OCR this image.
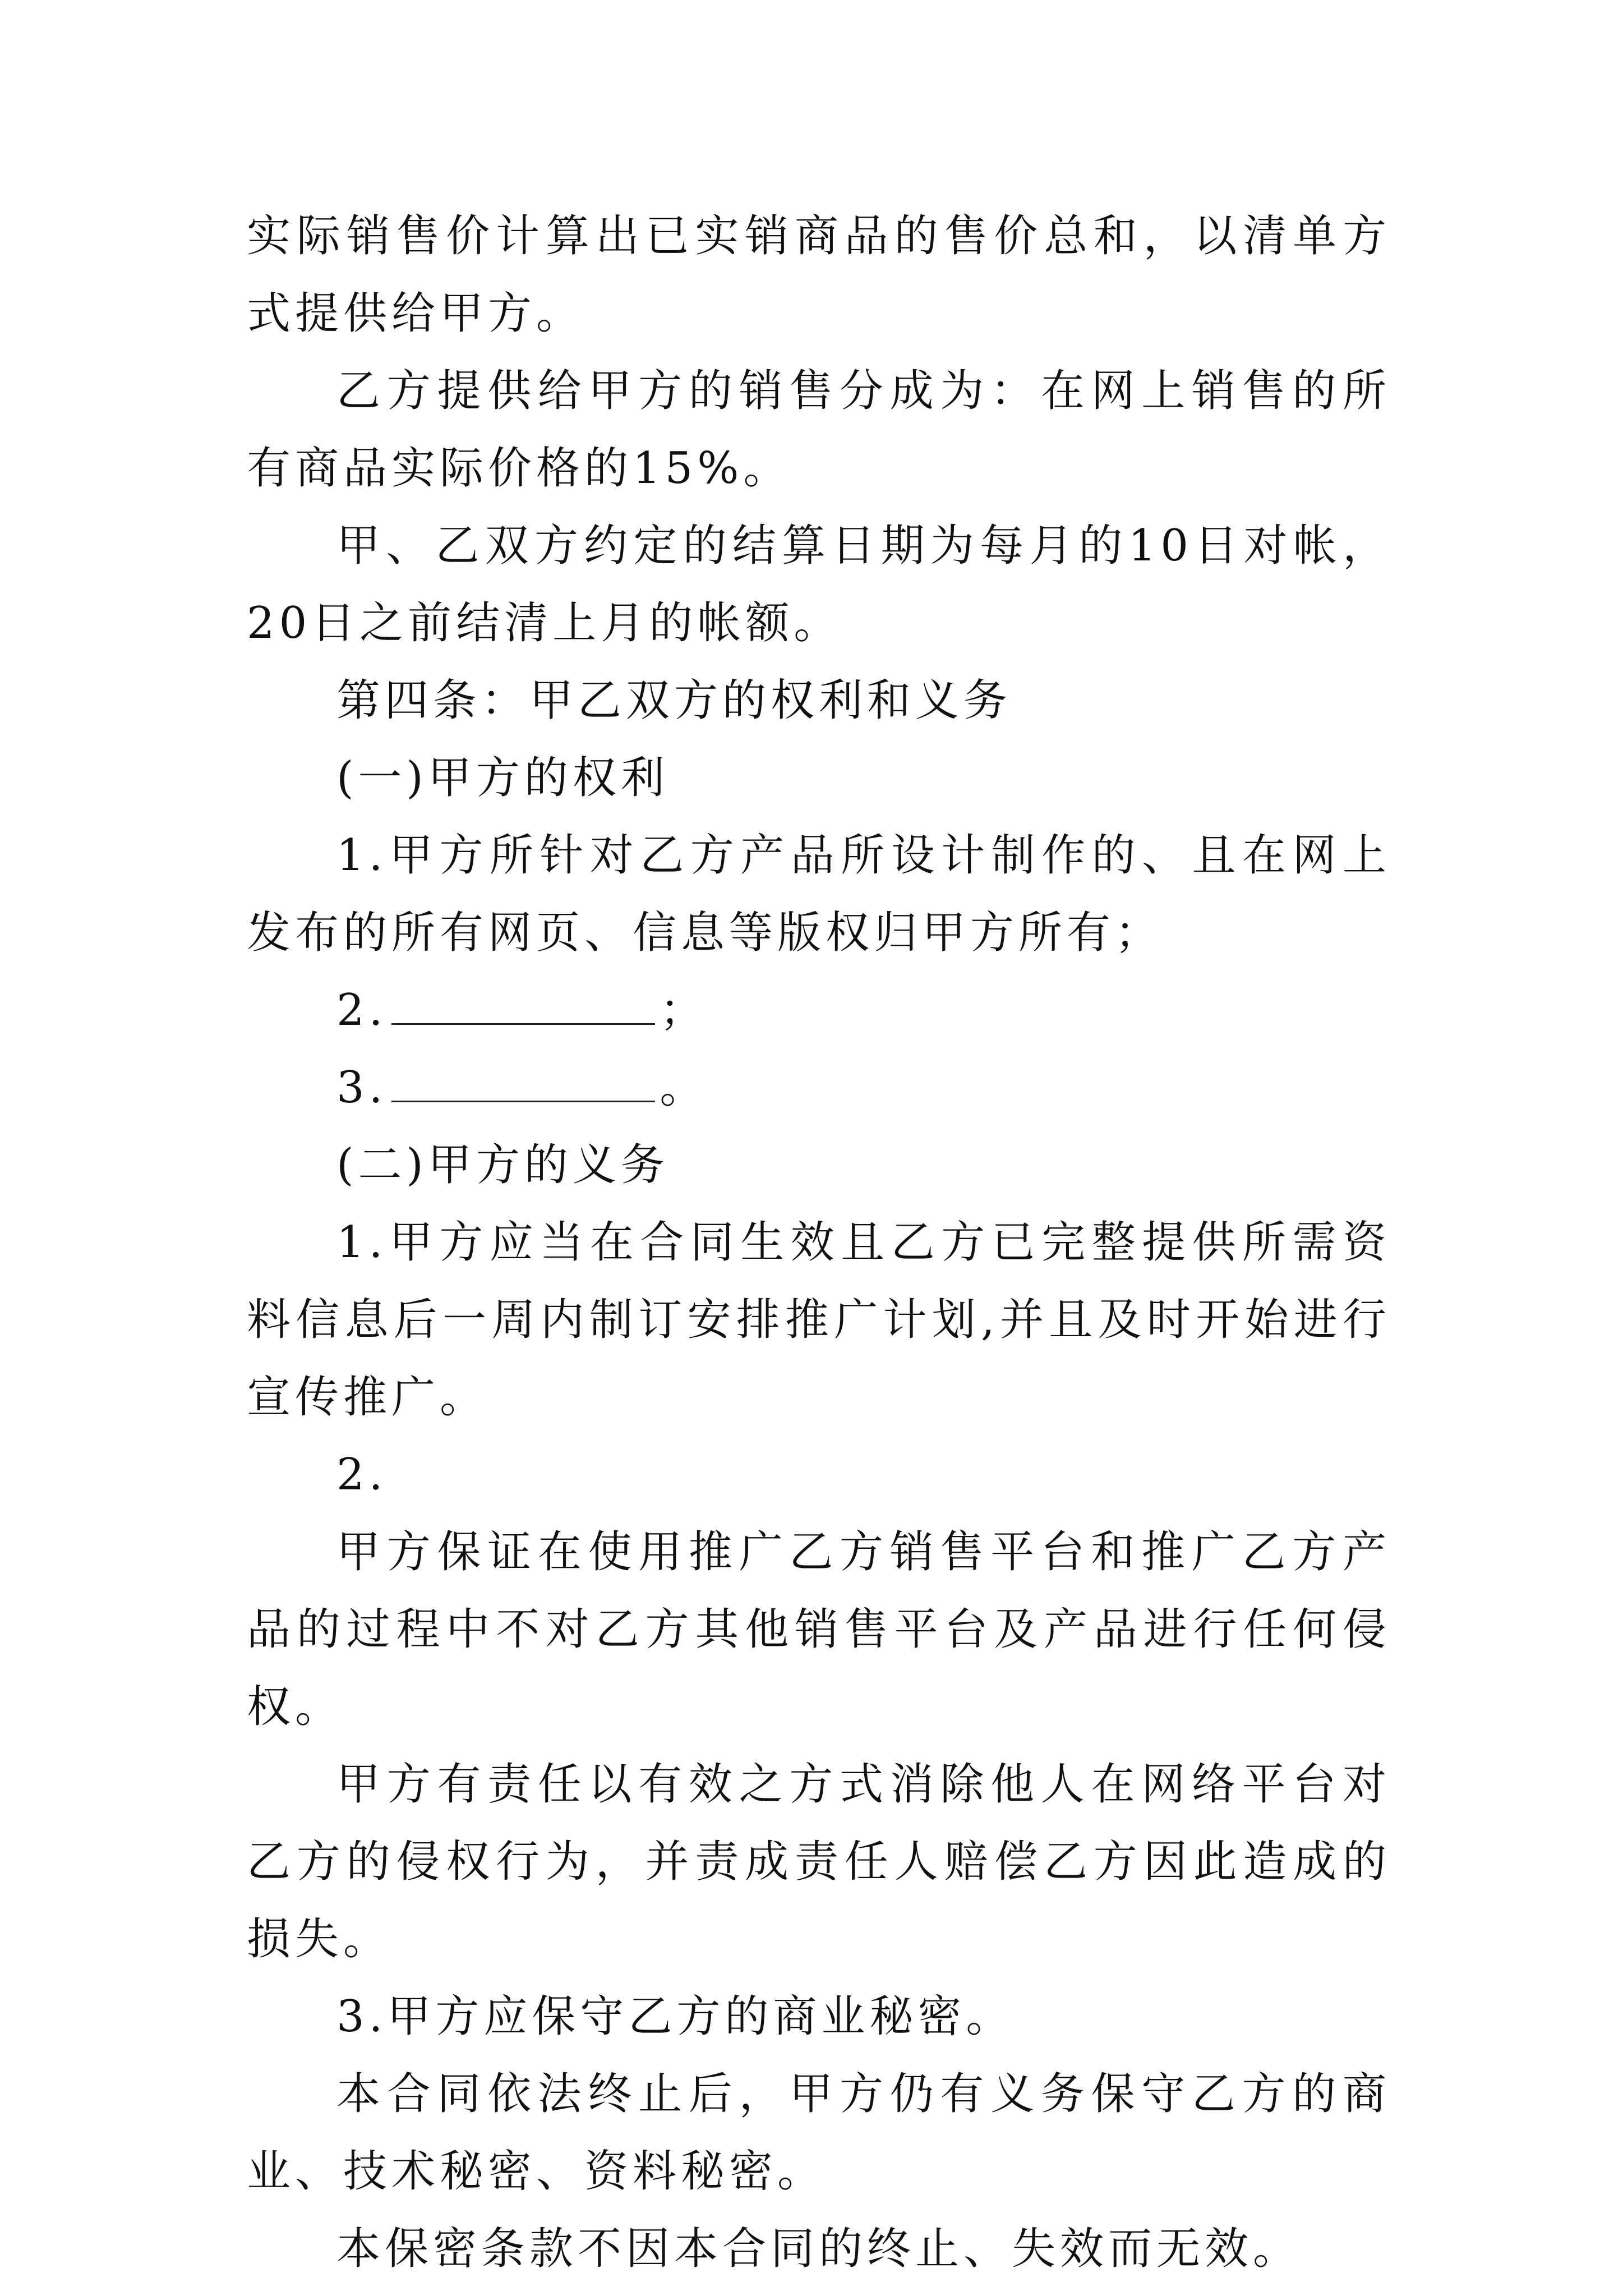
实际销售价计算出已实销商品的售价总和，以清单方式提供给甲方。

乙方提供给甲方的销售分成为：在网上销售的所有商品实际价格的15%。

甲、乙双方约定的结算日期为每月的10日对帐，20日之前结清上月的帐额。

第四条：甲乙双方的权利和义务

(一)甲方的权利

1.甲方所针对乙方产品所设计制作的、且在网上发布的所有网页、信息等版权归甲方所有；

2.	；

3.	。

(二)甲方的义务

1.甲方应当在合同生效且乙方已完整提供所需资料信息后一周内制订安排推广计划,并且及时开始进行宣传推广。

2.

甲方保证在使用推广乙方销售平台和推广乙方产品的过程中不对乙方其他销售平台及产品进行任何侵权。

甲方有责任以有效之方式消除他人在网络平台对乙方的侵权行为，并责成责任人赔偿乙方因此造成的损失。

3.甲方应保守乙方的商业秘密。

本合同依法终止后，甲方仍有义务保守乙方的商业、技术秘密、资料秘密。

本保密条款不因本合同的终止、失效而无效。
